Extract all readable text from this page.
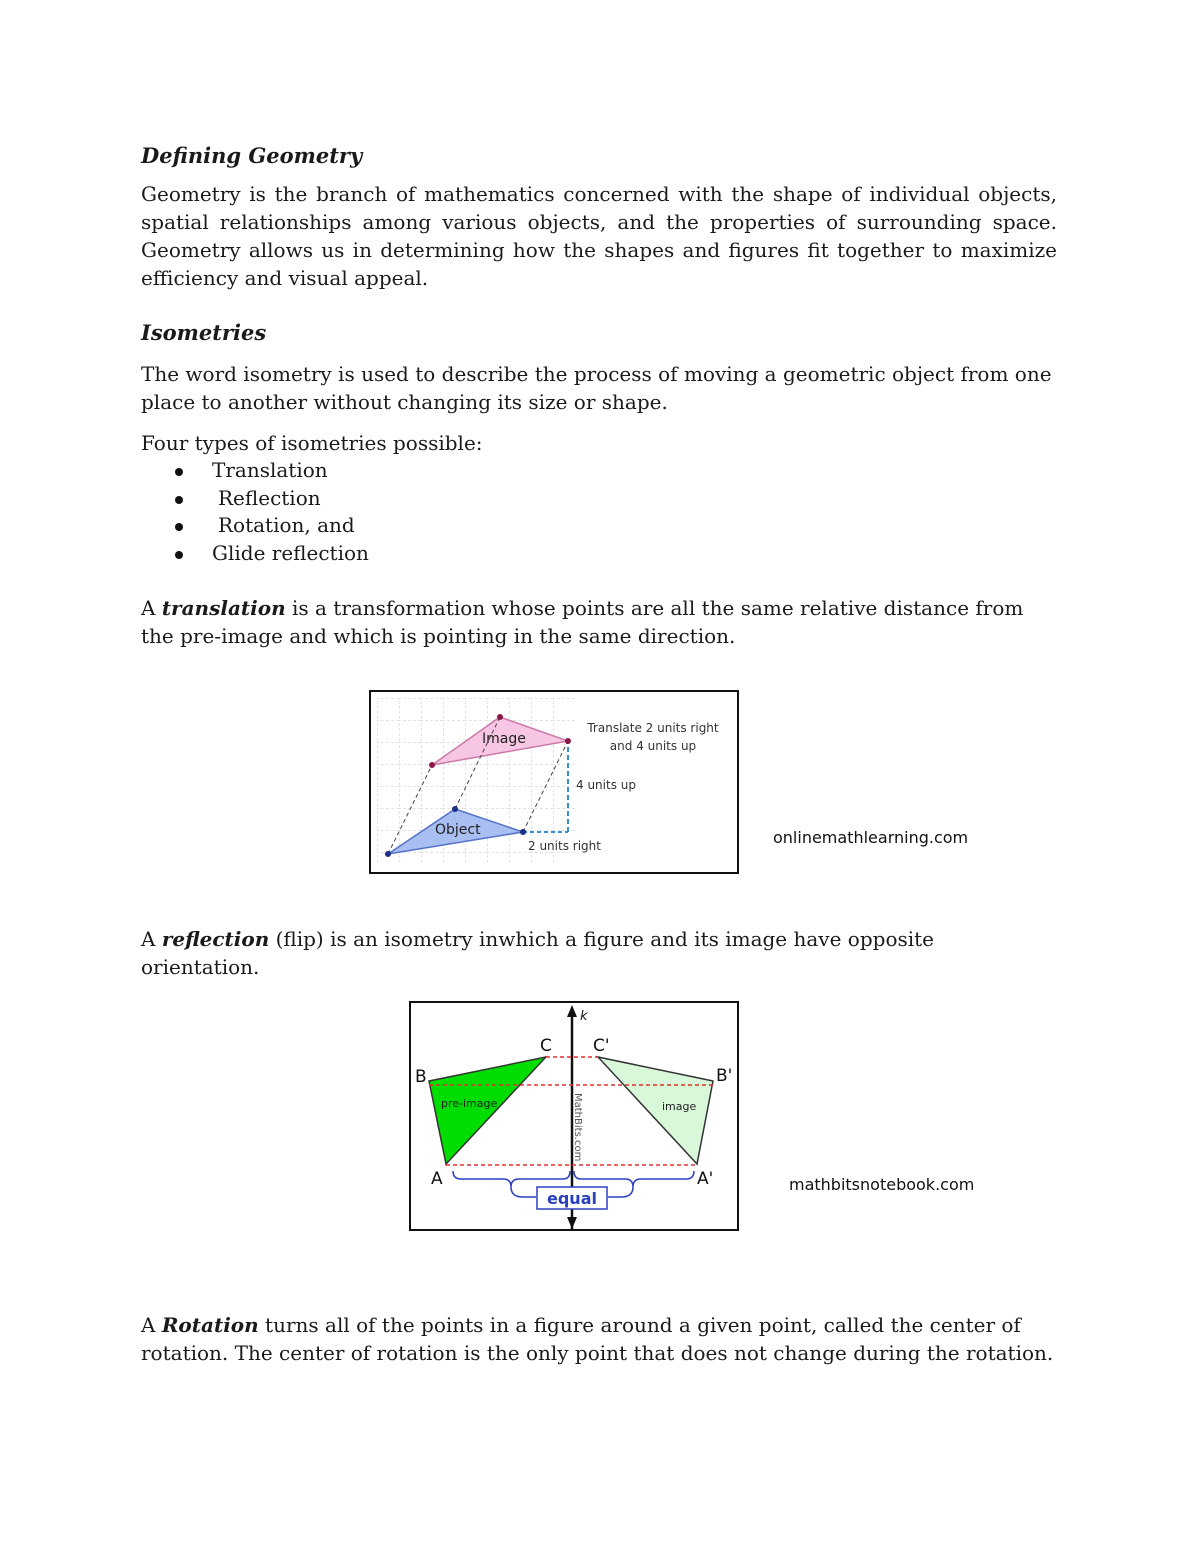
Defining Geometry
Geometry is the branch of mathematics concerned with the shape of individual objects, spatial relationships among various objects, and the properties of surrounding space. Geometry allows us in determining how the shapes and figures fit together to maximize efficiency and visual appeal.
Isometries
The word isometry is used to describe the process of moving a geometric object from one place to another without changing its size or shape.
Four types of isometries possible:
Translation
Reflection
Rotation, and
Glide reflection
A translation is a transformation whose points are all the same relative distance from the pre-image and which is pointing in the same direction.
Image
Object
Translate 2 units right
and 4 units up
4 units up
2 units right	onlinemathlearning.com
A reflection (flip) is an isometry inwhich a figure and its image have opposite orientation.
k
C C'
B	B'
A	A'
pre-image	image
MathBits.com
equal
mathbitsnotebook.com
A Rotation turns all of the points in a figure around a given point, called the center of rotation. The center of rotation is the only point that does not change during the rotation.
